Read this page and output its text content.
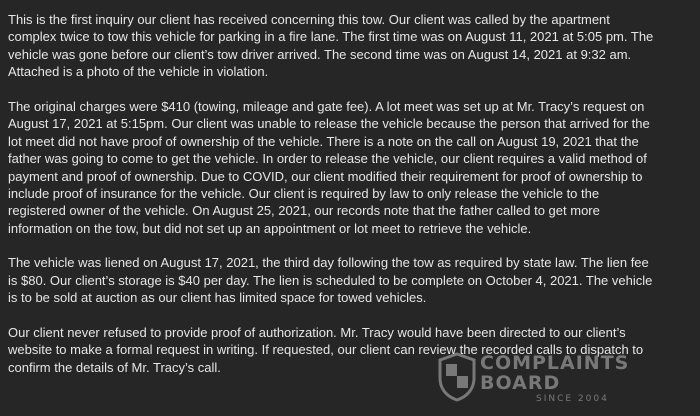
This is the first inquiry our client has received concerning this tow. Our client was called by the apartment
complex twice to tow this vehicle for parking in a fire lane. The first time was on August 11, 2021 at 5:05 pm. The
vehicle was gone before our client’s tow driver arrived. The second time was on August 14, 2021 at 9:32 am.
Attached is a photo of the vehicle in violation.
The original charges were $410 (towing, mileage and gate fee). A lot meet was set up at Mr. Tracy’s request on
August 17, 2021 at 5:15pm. Our client was unable to release the vehicle because the person that arrived for the
lot meet did not have proof of ownership of the vehicle. There is a note on the call on August 19, 2021 that the
father was going to come to get the vehicle. In order to release the vehicle, our client requires a valid method of
payment and proof of ownership. Due to COVID, our client modified their requirement for proof of ownership to
include proof of insurance for the vehicle. Our client is required by law to only release the vehicle to the
registered owner of the vehicle. On August 25, 2021, our records note that the father called to get more
information on the tow, but did not set up an appointment or lot meet to retrieve the vehicle.
The vehicle was liened on August 17, 2021, the third day following the tow as required by state law. The lien fee
is $80. Our client’s storage is $40 per day. The lien is scheduled to be complete on October 4, 2021. The vehicle
is to be sold at auction as our client has limited space for towed vehicles.
Our client never refused to provide proof of authorization. Mr. Tracy would have been directed to our client’s
website to make a formal request in writing. If requested, our client can review the recorded calls to dispatch to
confirm the details of Mr. Tracy’s call.	COMPLAINTS
BOARD
SINCE 2004
